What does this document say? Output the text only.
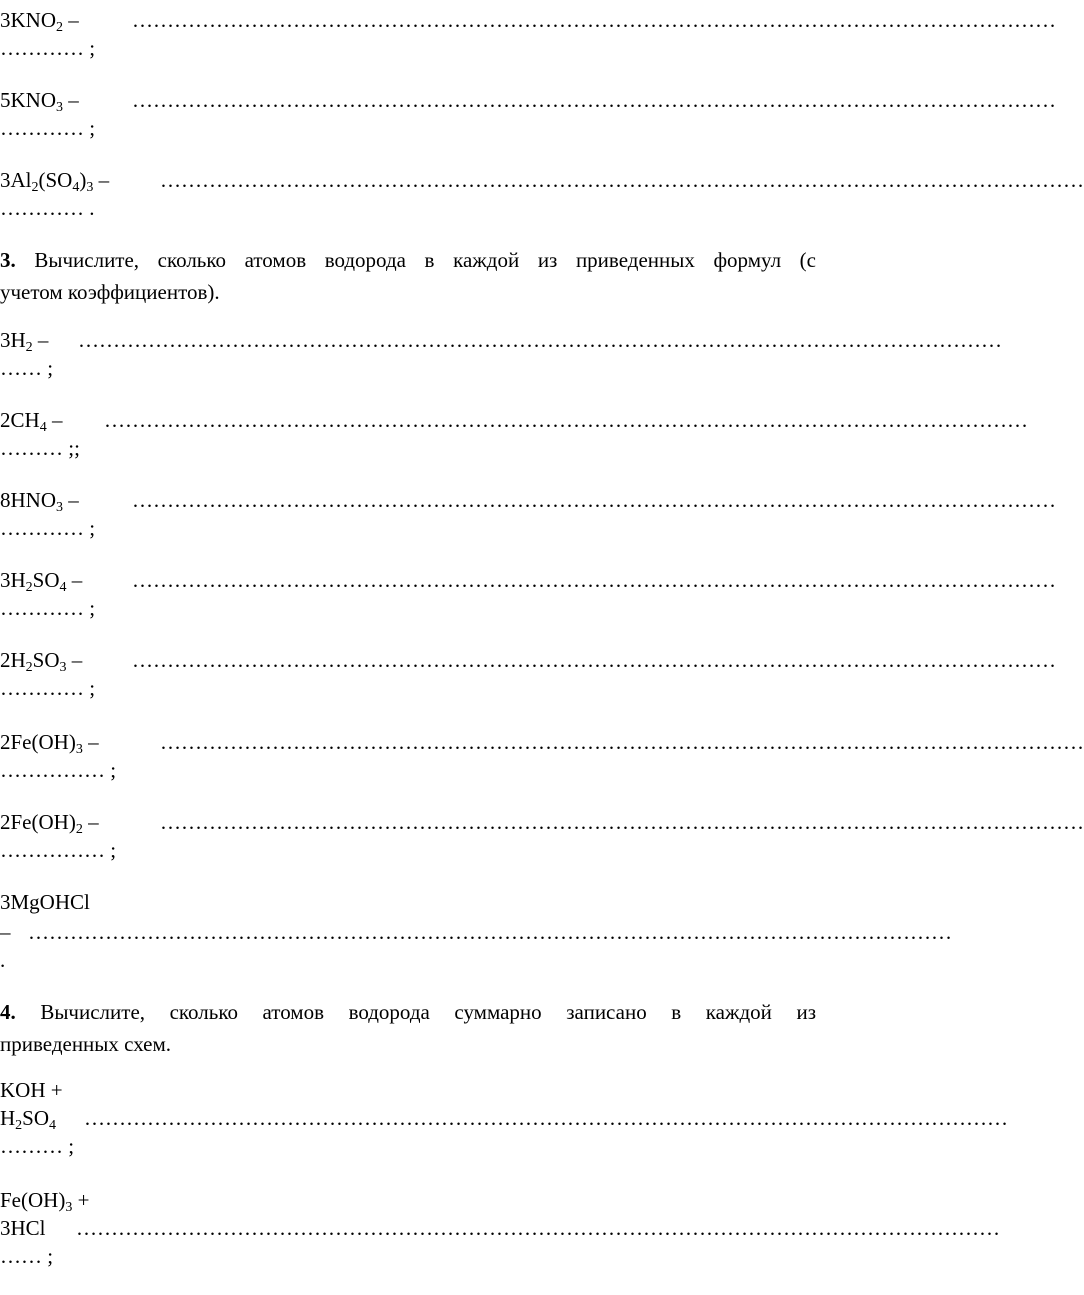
$3KNO_2$ –	……………………………………………………………………………………………………………………
………… ;
$5KNO_3$ –	……………………………………………………………………………………………………………………
………… ;
$3Al_2(SO_4)_3$ – ……………………………………………………………………………………………………………………
………… .
3. Вычислите, сколько атомов водорода в каждой из приведенных формул (с
учетом коэффициентов).
$3H_2$ – ……………………………………………………………………………………………………………………
…… ;
$2CH_4$ – ……………………………………………………………………………………………………………………
……… ;;
$8HNO_3$ –	……………………………………………………………………………………………………………………
………… ;
$3H_2SO_4$ – ……………………………………………………………………………………………………………………
………… ;
$2H_2SO_3$ – ……………………………………………………………………………………………………………………
………… ;
$2Fe(OH)_3$ –	……………………………………………………………………………………………………………………
…………… ;
$2Fe(OH)_2$ –	……………………………………………………………………………………………………………………
…………… ;
3MgOHCl
– ……………………………………………………………………………………………………………………
.
4. Вычислите, сколько атомов водорода суммарно записано в каждой из
приведенных схем.
KOH +
$H_2SO_4$ ……………………………………………………………………………………………………………………
……… ;
$Fe(OH)_3$ +
3HCl ……………………………………………………………………………………………………………………
…… ;
